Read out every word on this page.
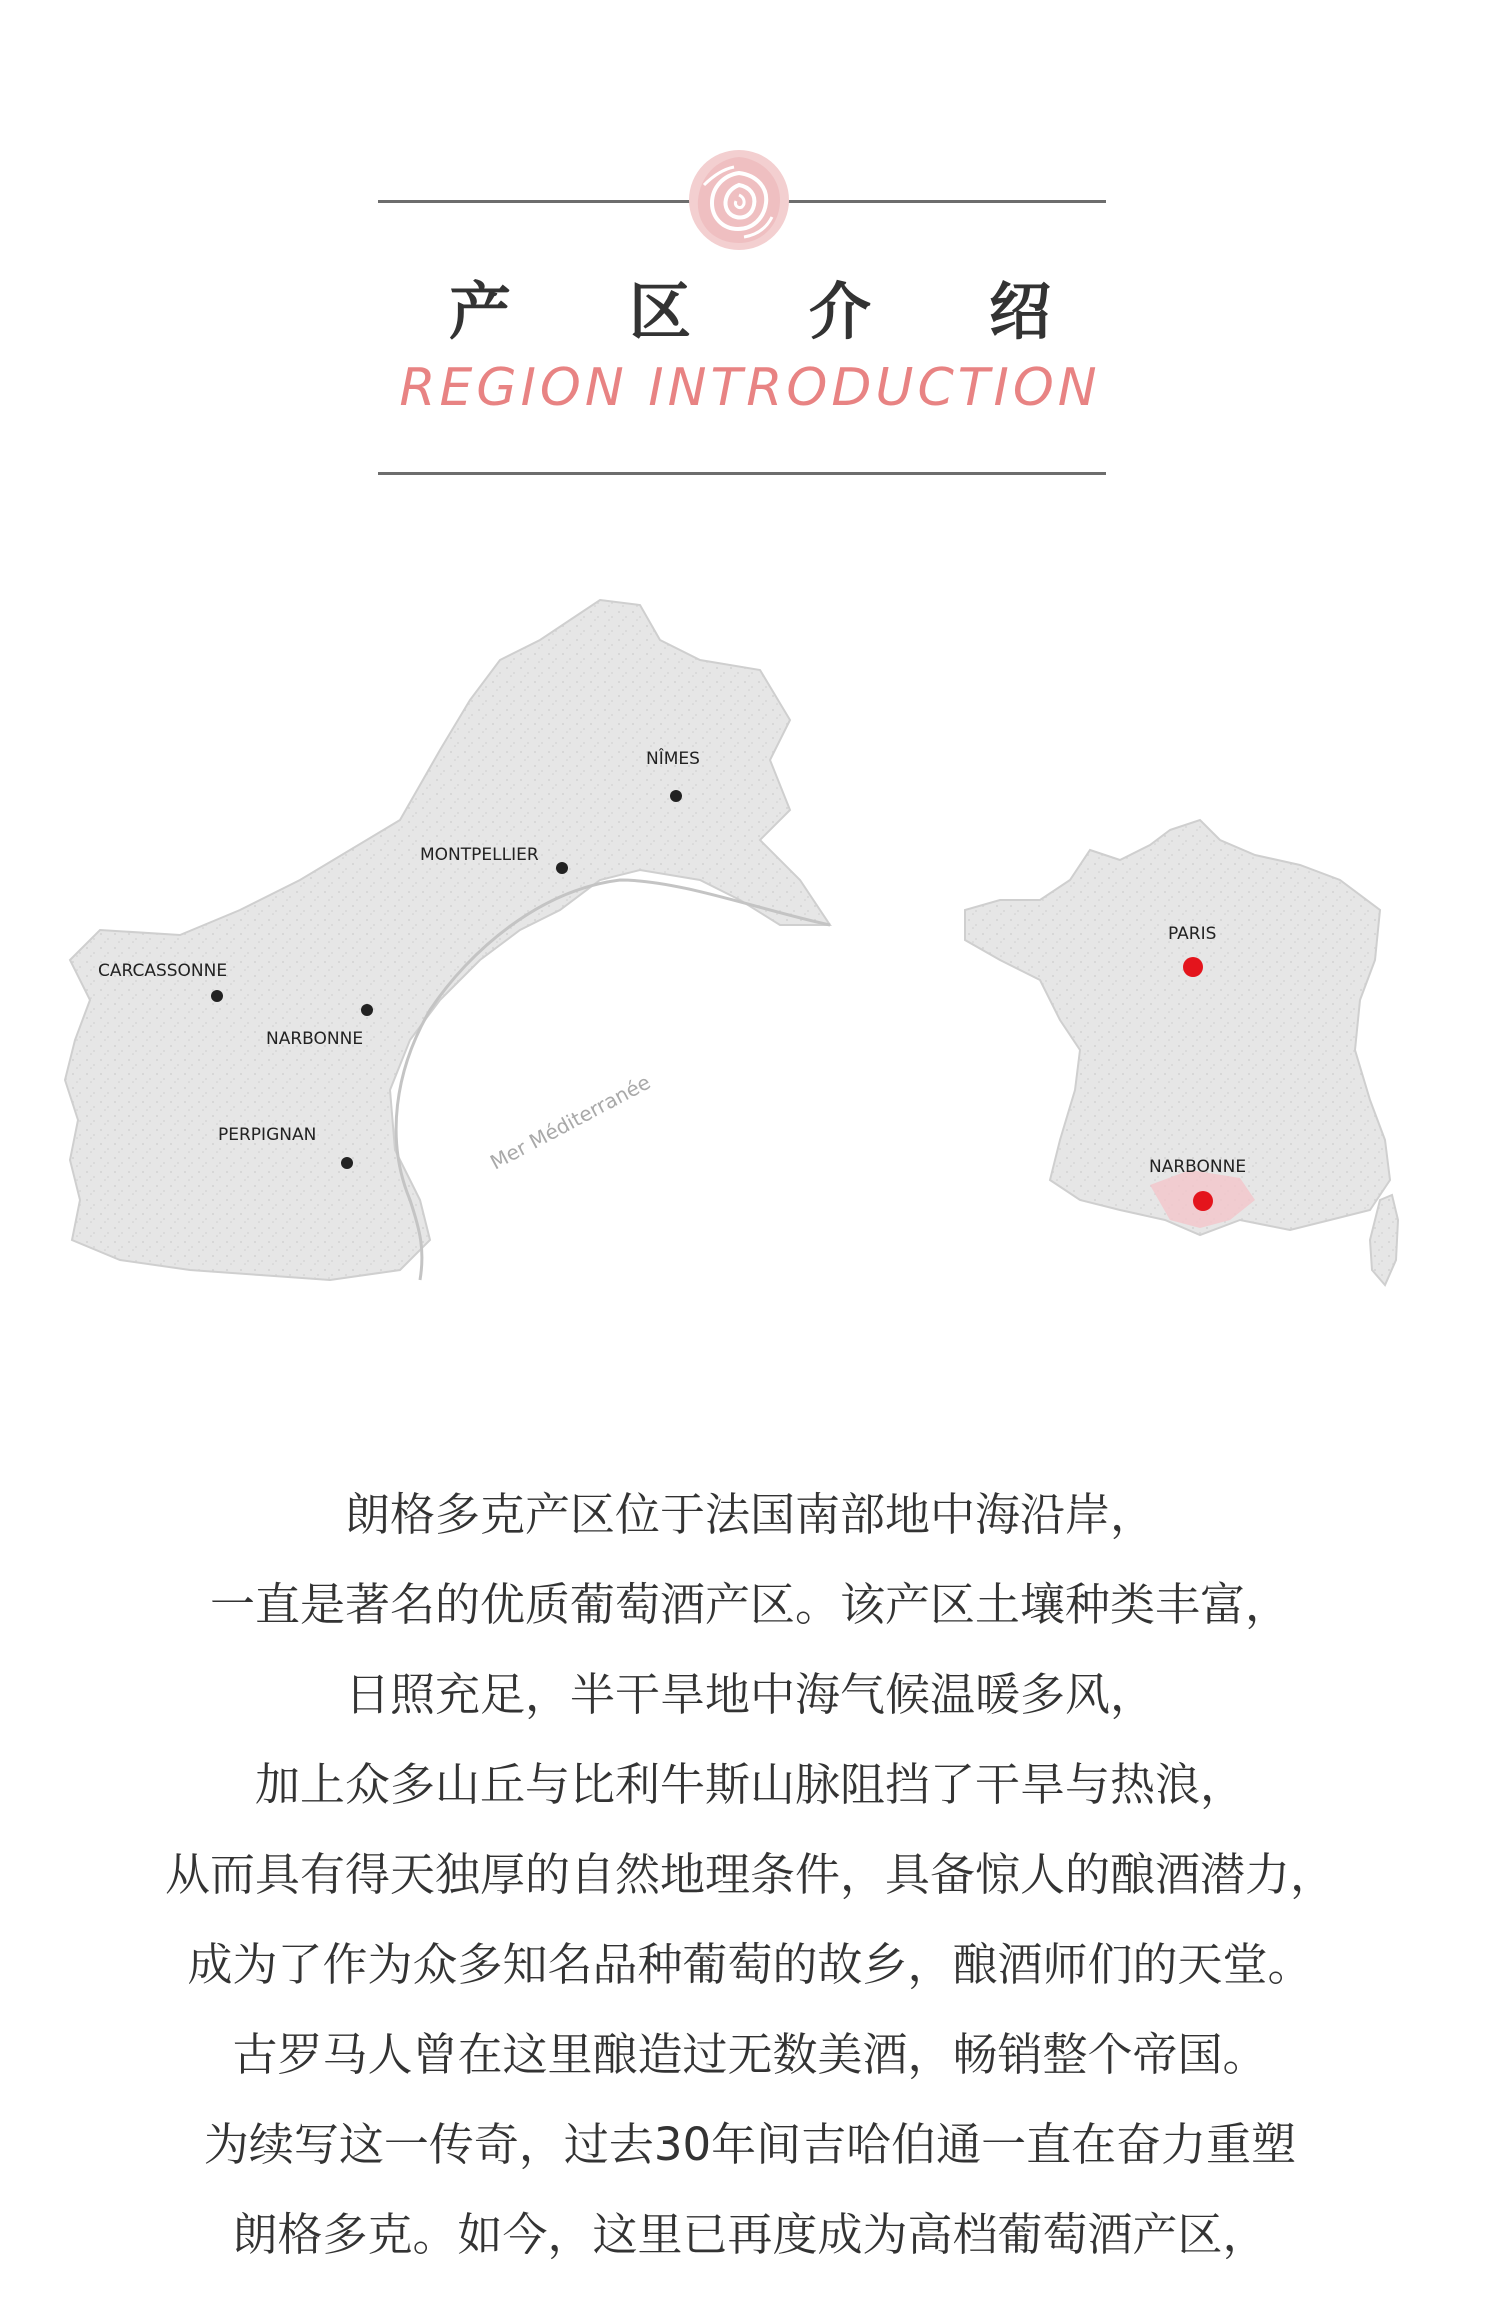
产区介绍
REGION INTRODUCTION
Mer Méditerranée
NÎMES
MONTPELLIER
CARCASSONNE
NARBONNE
PERPIGNAN
PARIS
NARBONNE
朗格多克产区位于法国南部地中海沿岸，
一直是著名的优质葡萄酒产区。该产区土壤种类丰富，
日照充足，半干旱地中海气候温暖多风，
加上众多山丘与比利牛斯山脉阻挡了干旱与热浪，
从而具有得天独厚的自然地理条件，具备惊人的酿酒潜力，
成为了作为众多知名品种葡萄的故乡，酿酒师们的天堂。
古罗马人曾在这里酿造过无数美酒，畅销整个帝国。
为续写这一传奇，过去30年间吉哈伯通一直在奋力重塑
朗格多克。如今，这里已再度成为高档葡萄酒产区，
